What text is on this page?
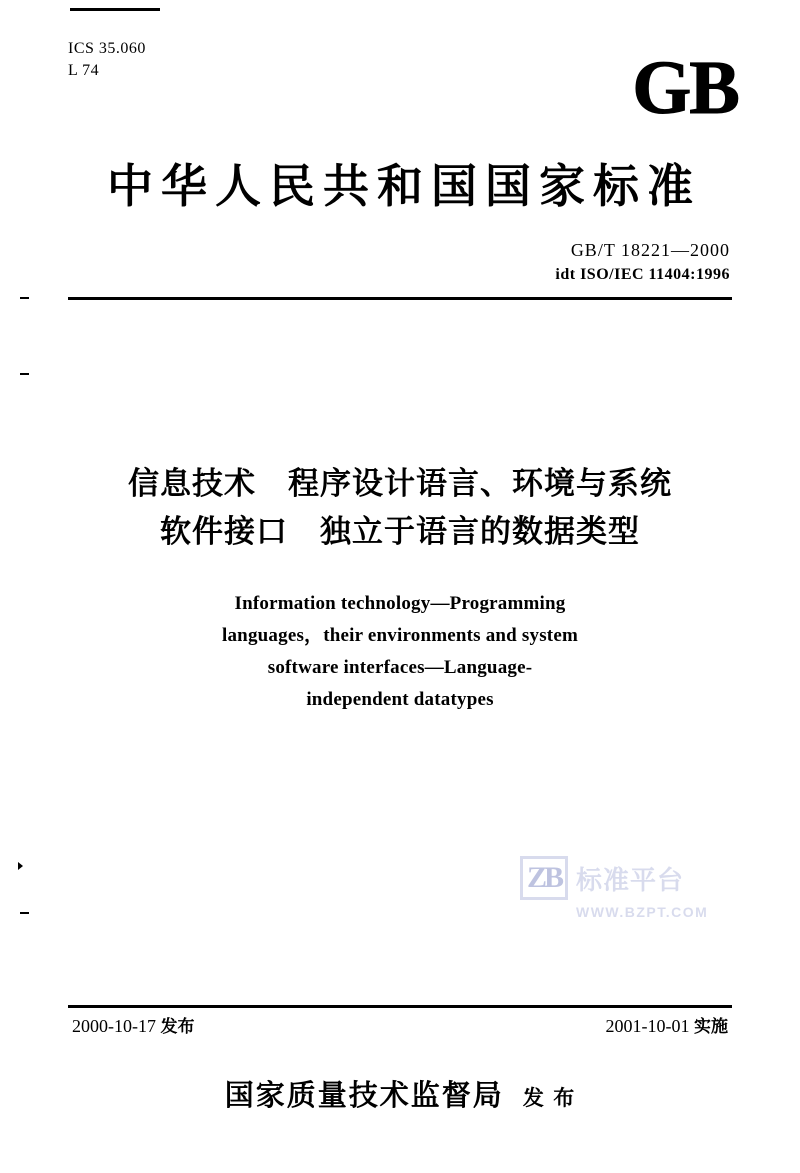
ICS 35.060
L 74	GB
中华人民共和国国家标准
GB/T 18221—2000
idt ISO/IEC 11404:1996
信息技术　程序设计语言、环境与系统
软件接口　独立于语言的数据类型
Information technology—Programming
languages，their environments and system
software interfaces—Language-
independent datatypes
ZB 标准平台
WWW.BZPT.COM
2000-10-17 发布	2001-10-01 实施
国家质量技术监督局 发 布
